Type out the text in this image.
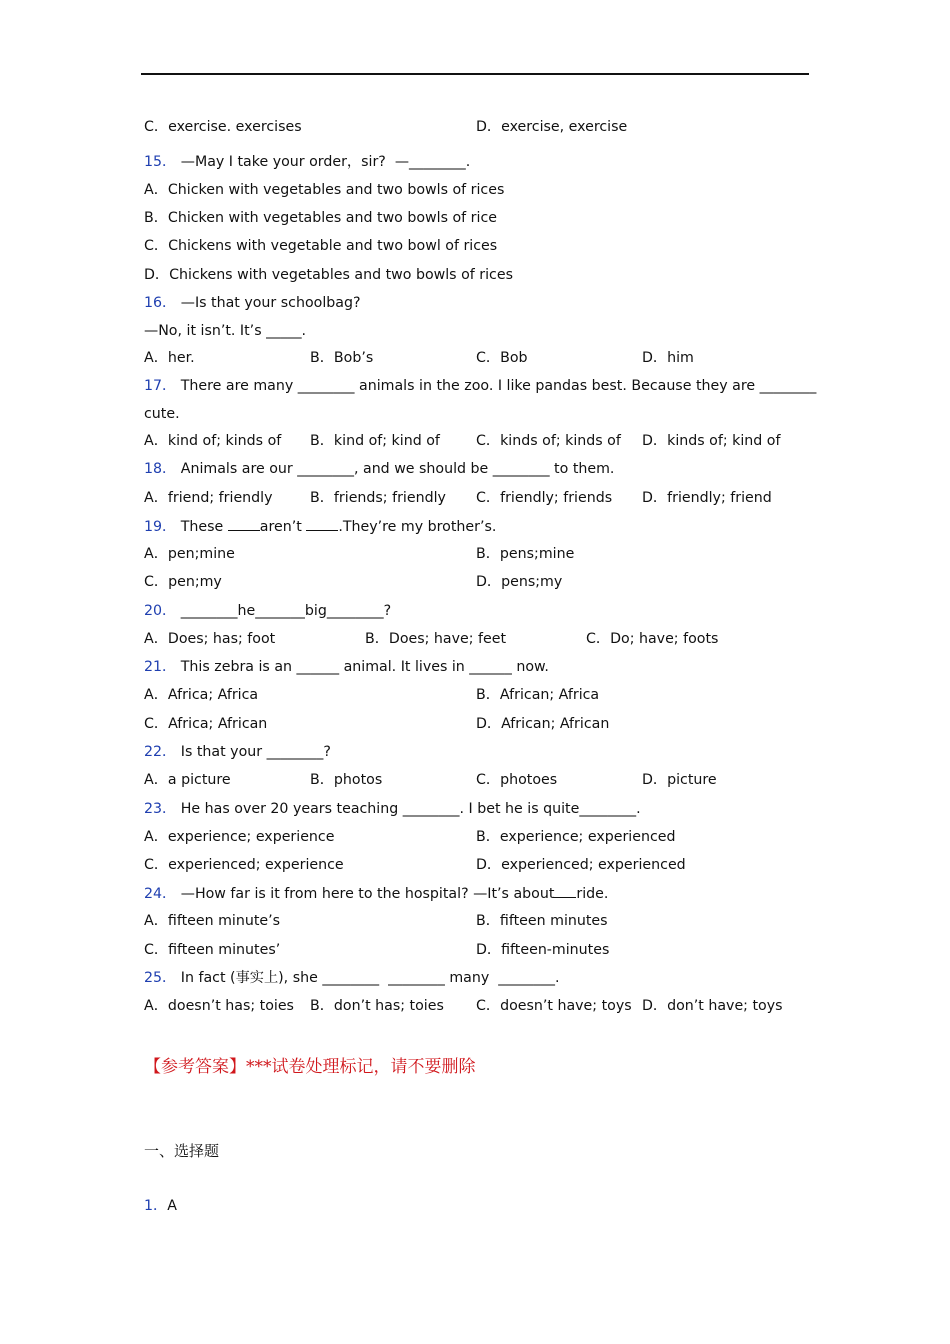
C．exercise. exercises	D．exercise, exercise
15． —May I take your order，sir?  —________.
A．Chicken with vegetables and two bowls of rices
B．Chicken with vegetables and two bowls of rice
C．Chickens with vegetable and two bowl of rices
D．Chickens with vegetables and two bowls of rices
16． —Is that your schoolbag?
—No, it isn’t. It’s _____.
A．her.	B．Bob’s	C．Bob	D．him
17． There are many ________ animals in the zoo. I like pandas best. Because they are ________
cute.
A．kind of; kinds of B．kind of; kind of	C．kinds of; kinds of D．kinds of; kind of
18． Animals are our ________, and we should be ________ to them.
A．friend; friendly	B．friends; friendly C．friendly; friends D．friendly; friend
19． These aren’t .They’re my brother’s.
A．pen;mine	B．pens;mine
C．pen;my	D．pens;my
20． ________he_______big________?
A．Does; has; foot	B．Does; have; feet	C．Do; have; foots
21． This zebra is an ______ animal. It lives in ______ now.
A．Africa; Africa	B．African; Africa
C．Africa; African	D．African; African
22． Is that your ________?
A．a picture	B．photos	C．photoes	D．picture
23． He has over 20 years teaching ________. I bet he is quite________.
A．experience; experience	B．experience; experienced
C．experienced; experience	D．experienced; experienced
24． —How far is it from here to the hospital? —It’s about ride.
A．fifteen minute’s	B．fifteen minutes
C．fifteen minutes’	D．fifteen-minutes
25． In fact (事实上), she ________  ________ many  ________.
A．doesn’t has; toies B．don’t has; toies C．doesn’t have; toys D．don’t have; toys
【参考答案】***试卷处理标记，请不要删除
一、选择题
1．A
